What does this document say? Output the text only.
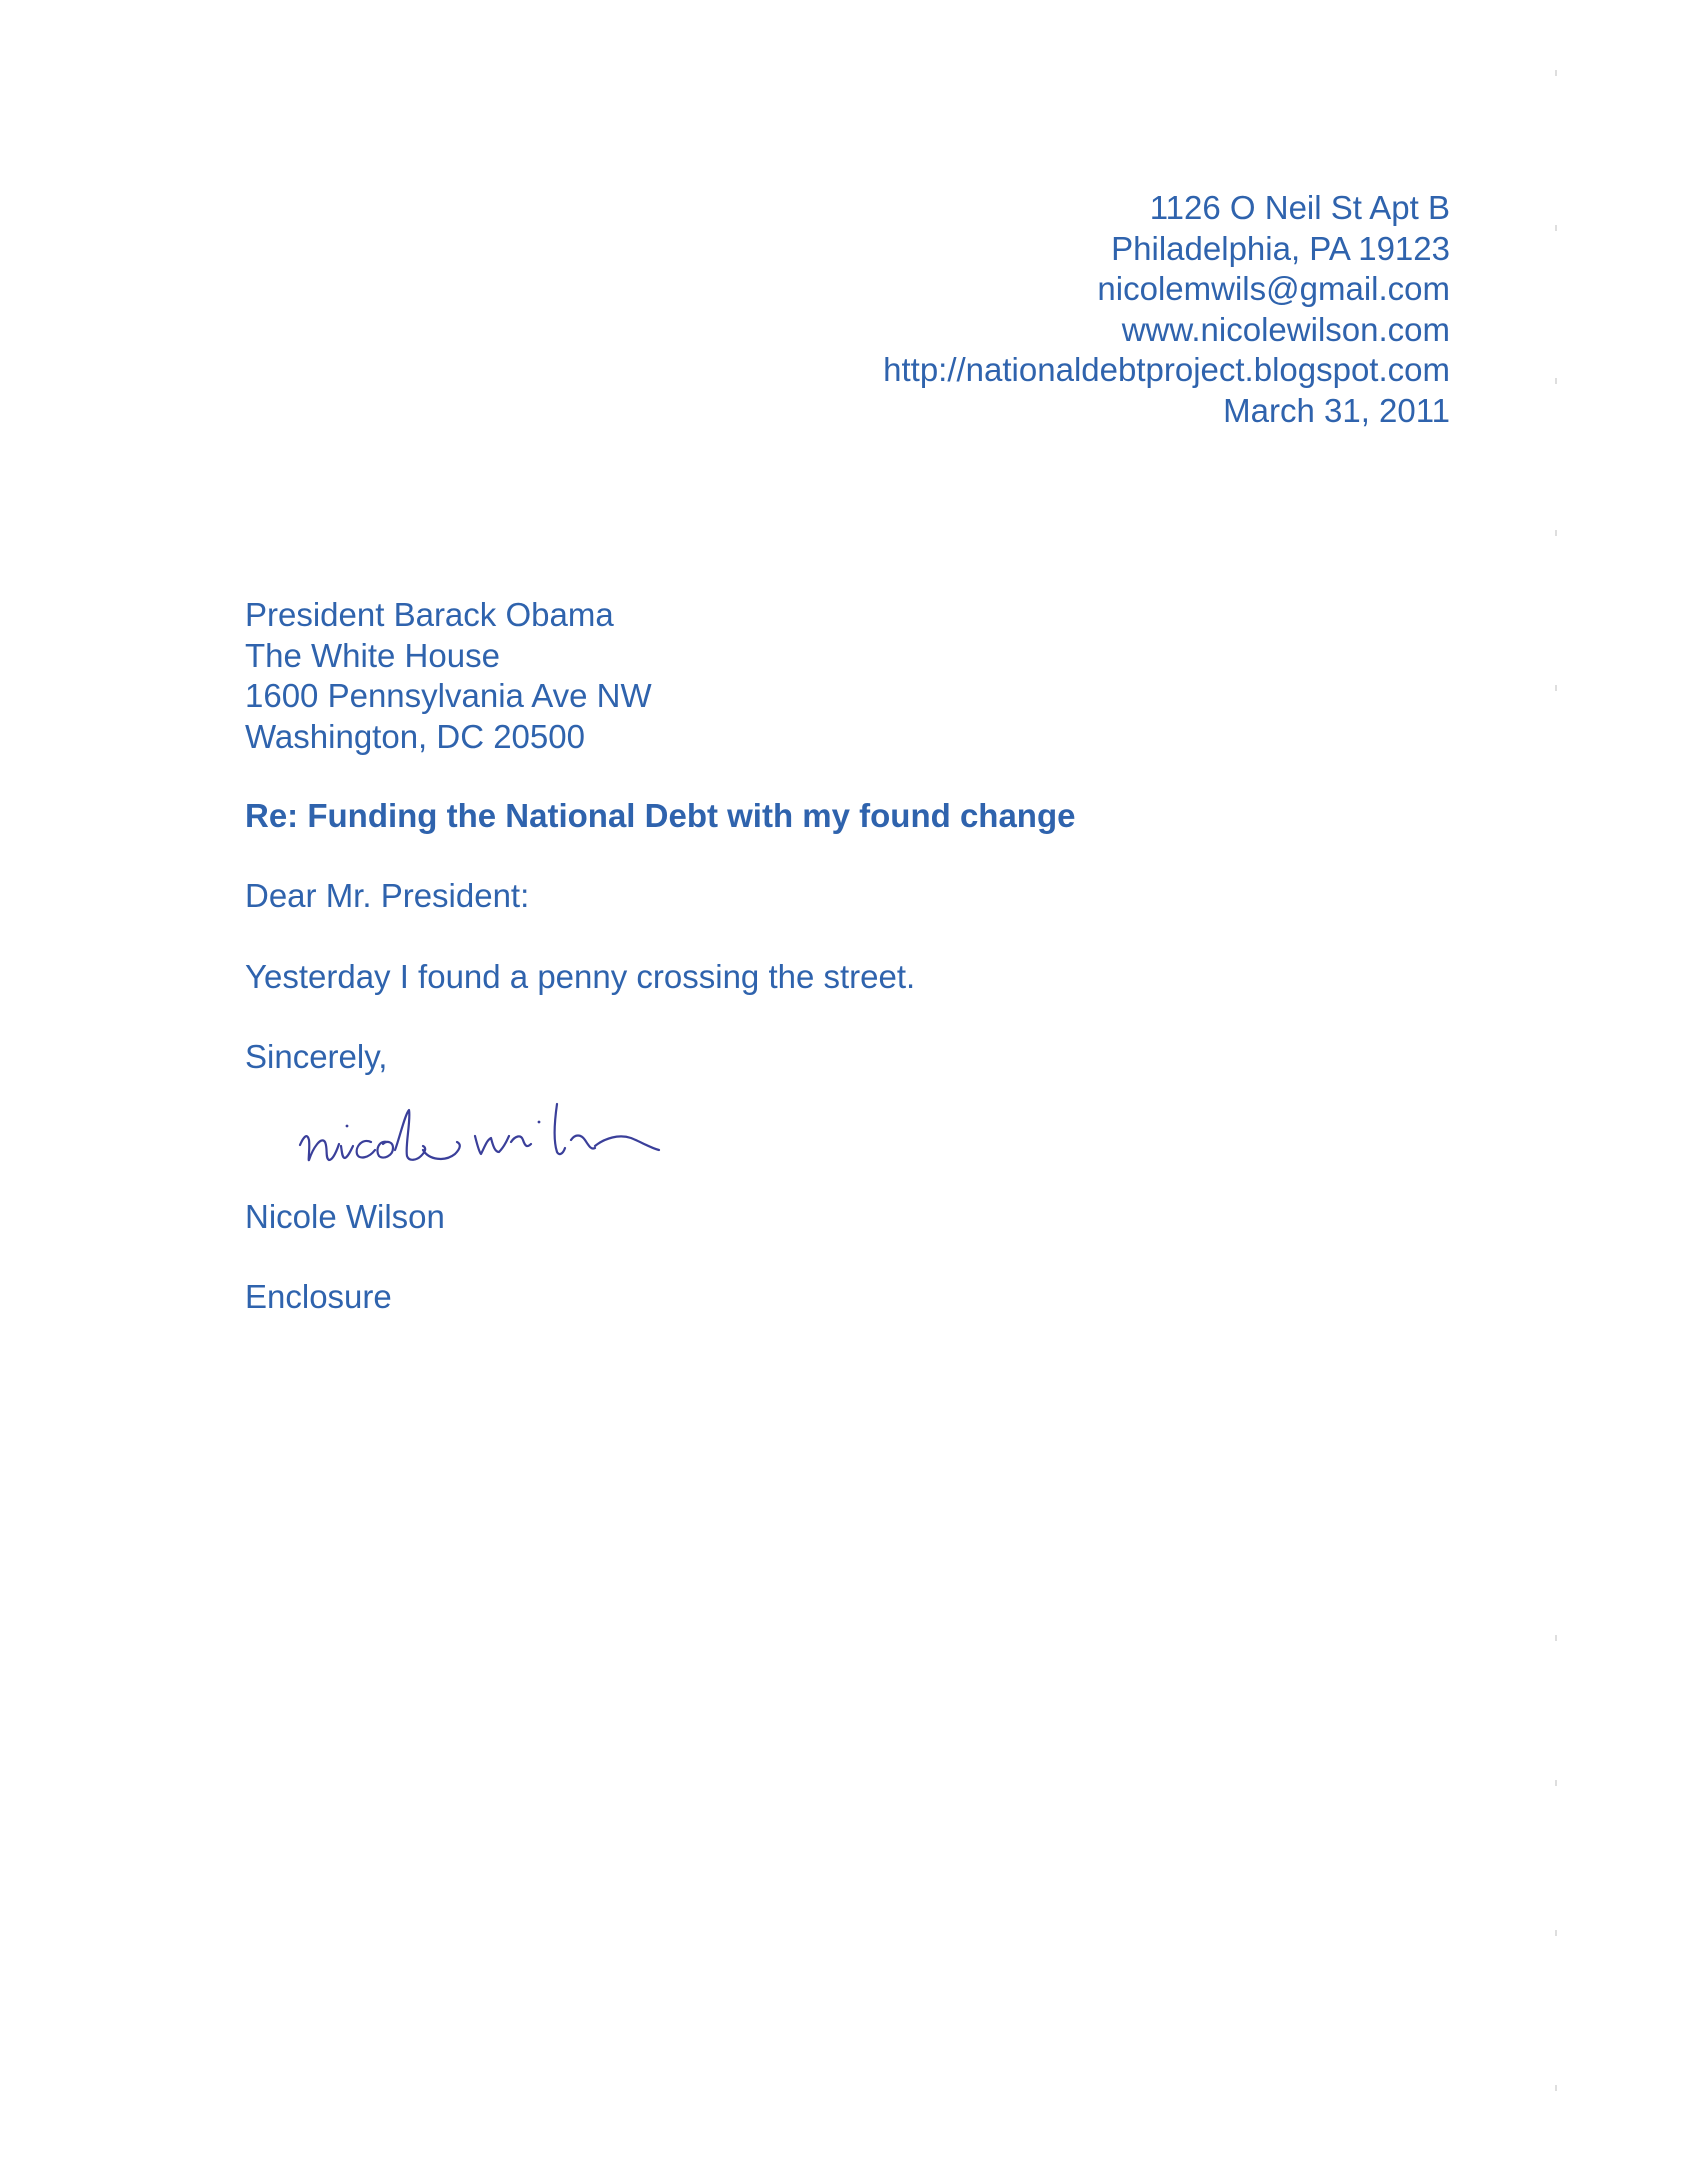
1126 O Neil St Apt B
Philadelphia, PA 19123
nicolemwils@gmail.com
www.nicolewilson.com
http://nationaldebtproject.blogspot.com
March 31, 2011
President Barack Obama
The White House
1600 Pennsylvania Ave NW
Washington, DC 20500
Re: Funding the National Debt with my found change
Dear Mr. President:
Yesterday I found a penny crossing the street.
Sincerely,
Nicole Wilson
Enclosure
